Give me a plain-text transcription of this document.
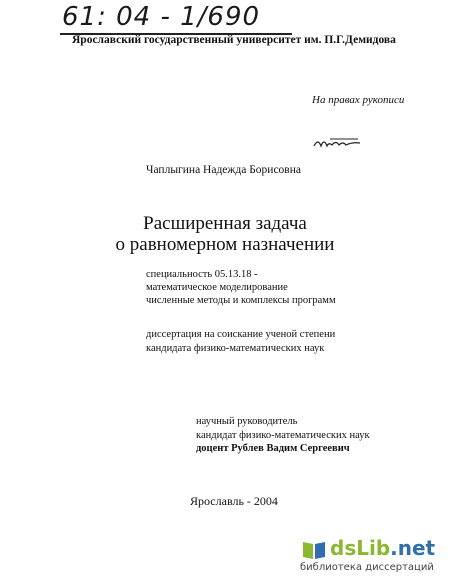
61: 04 - 1/690
Ярославский государственный университет им. П.Г.Демидова
На правах рукописи
Чаплыгина Надежда Борисовна
Расширенная задача
о равномерном назначении
специальность 05.13.18 -
математическое моделирование
численные методы и комплексы программ
диссертация на соискание ученой степени
кандидата физико-математических наук
научный руководитель
кандидат физико-математических наук
доцент Рублев Вадим Сергеевич
Ярославль - 2004
dsLib.net
библиотека диссертаций
